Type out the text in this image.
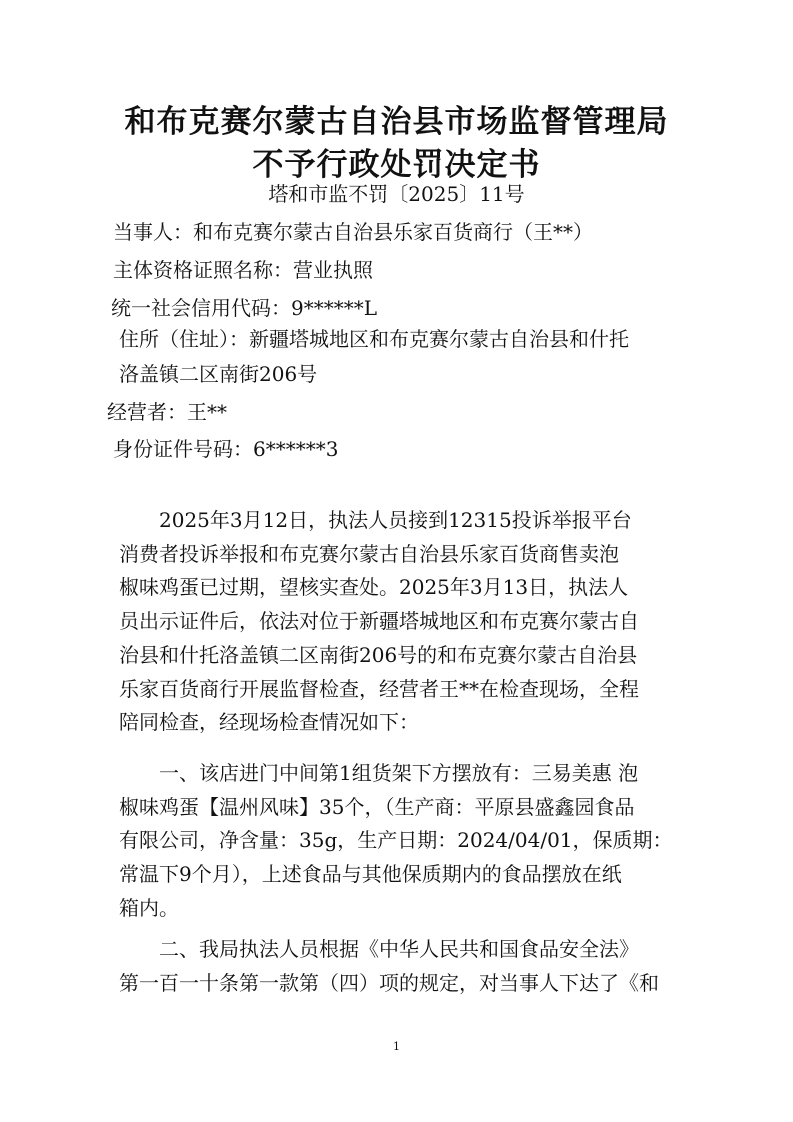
和布克赛尔蒙古自治县市场监督管理局
不予行政处罚决定书
塔和市监不罚〔2025〕11号
当事人：和布克赛尔蒙古自治县乐家百货商行（王**）
主体资格证照名称：营业执照
统一社会信用代码：9******L
住所（住址）：新疆塔城地区和布克赛尔蒙古自治县和什托
洛盖镇二区南街206号
经营者：王**
身份证件号码：6******3
2025年3月12日，执法人员接到12315投诉举报平台
消费者投诉举报和布克赛尔蒙古自治县乐家百货商售卖泡
椒味鸡蛋已过期，望核实查处。2025年3月13日，执法人
员出示证件后，依法对位于新疆塔城地区和布克赛尔蒙古自
治县和什托洛盖镇二区南街206号的和布克赛尔蒙古自治县
乐家百货商行开展监督检查，经营者王**在检查现场，全程
陪同检查，经现场检查情况如下：
一、该店进门中间第1组货架下方摆放有：三易美惠 泡
椒味鸡蛋【温州风味】35个，（生产商：平原县盛鑫园食品
有限公司，净含量：35g，生产日期：2024/04/01，保质期：
常温下9个月），上述食品与其他保质期内的食品摆放在纸
箱内。
二、我局执法人员根据《中华人民共和国食品安全法》
第一百一十条第一款第（四）项的规定，对当事人下达了《和
1
